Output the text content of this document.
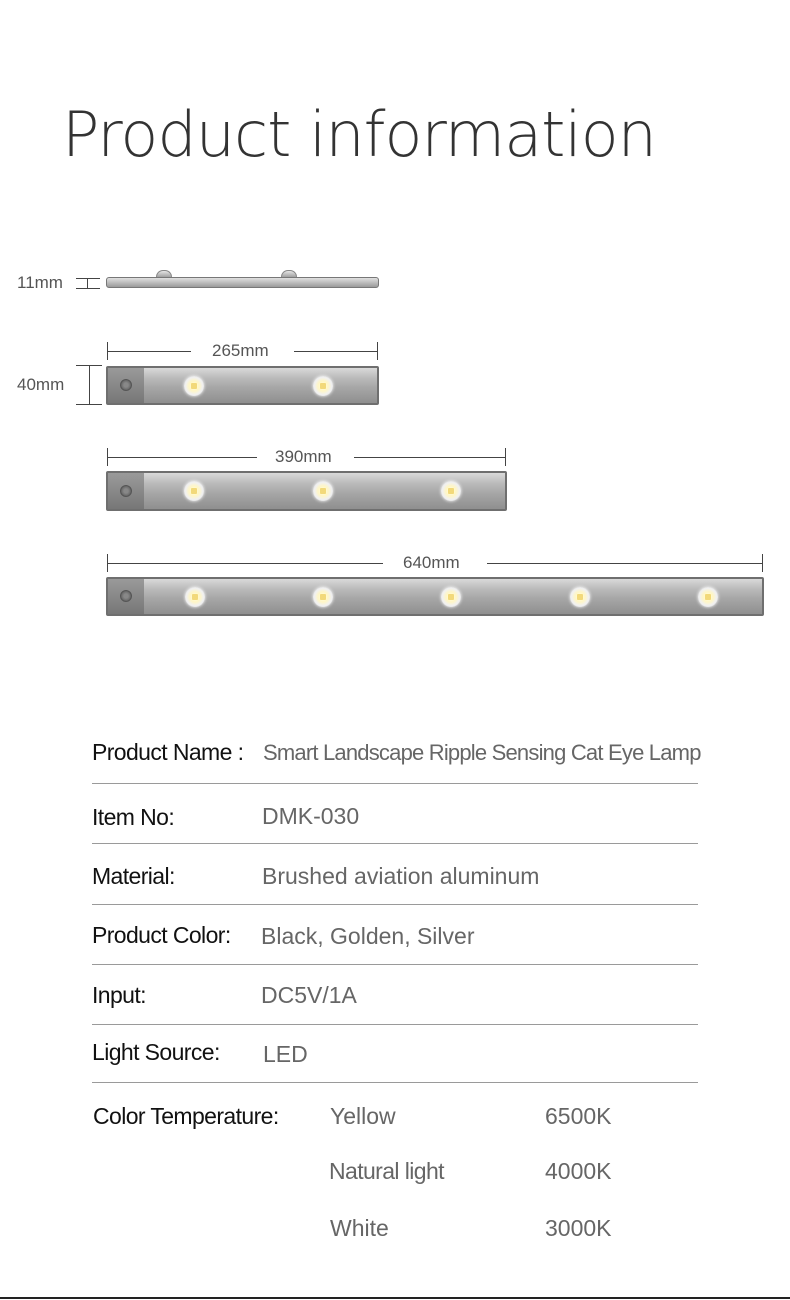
Product information
11mm
265mm
40mm
390mm
640mm
Product Name : Smart Landscape Ripple Sensing Cat Eye Lamp
Item No:	DMK-030
Material:	Brushed aviation aluminum
Product Color: Black, Golden, Silver
Input:	DC5V/1A
Light Source: LED
Color Temperature: Yellow	6500K
Natural light	4000K
White	3000K
